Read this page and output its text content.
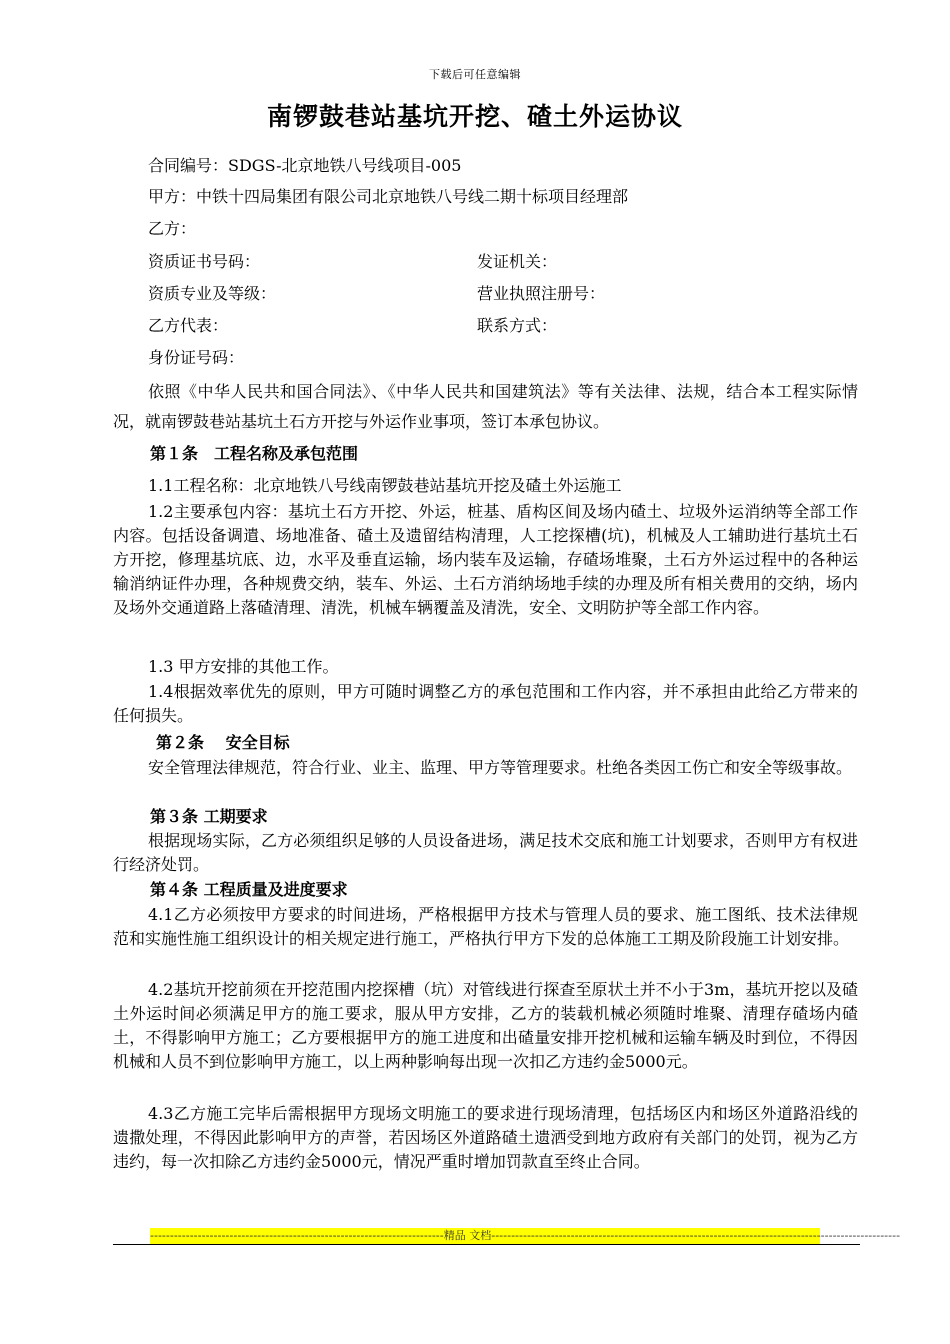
下载后可任意编辑
南锣鼓巷站基坑开挖、碴土外运协议
合同编号：SDGS-北京地铁八号线项目-005
甲方：中铁十四局集团有限公司北京地铁八号线二期十标项目经理部
乙方：
资质证书号码：	发证机关：
资质专业及等级：	营业执照注册号：
乙方代表：	联系方式：
身份证号码：
依照《中华人民共和国合同法》、《中华人民共和国建筑法》等有关法律、法规，结合本工程实际情况，就南锣鼓巷站基坑土石方开挖与外运作业事项，签订本承包协议。
第１条　工程名称及承包范围
1.1工程名称：北京地铁八号线南锣鼓巷站基坑开挖及碴土外运施工
1.2主要承包内容：基坑土石方开挖、外运，桩基、盾构区间及场内碴土、垃圾外运消纳等全部工作内容。包括设备调遣、场地准备、碴土及遗留结构清理，人工挖探槽(坑)，机械及人工辅助进行基坑土石方开挖，修理基坑底、边，水平及垂直运输，场内装车及运输，存碴场堆聚，土石方外运过程中的各种运输消纳证件办理，各种规费交纳，装车、外运、土石方消纳场地手续的办理及所有相关费用的交纳，场内及场外交通道路上落碴清理、清洗，机械车辆覆盖及清洗，安全、文明防护等全部工作内容。
1.3 甲方安排的其他工作。
1.4根据效率优先的原则，甲方可随时调整乙方的承包范围和工作内容，并不承担由此给乙方带来的任何损失。
第２条　 安全目标
安全管理法律规范，符合行业、业主、监理、甲方等管理要求。杜绝各类因工伤亡和安全等级事故。
第３条 工期要求
根据现场实际，乙方必须组织足够的人员设备进场，满足技术交底和施工计划要求，否则甲方有权进行经济处罚。
第４条 工程质量及进度要求
4.1乙方必须按甲方要求的时间进场，严格根据甲方技术与管理人员的要求、施工图纸、技术法律规范和实施性施工组织设计的相关规定进行施工，严格执行甲方下发的总体施工工期及阶段施工计划安排。
4.2基坑开挖前须在开挖范围内挖探槽（坑）对管线进行探查至原状土并不小于3m，基坑开挖以及碴土外运时间必须满足甲方的施工要求，服从甲方安排，乙方的装载机械必须随时堆聚、清理存碴场内碴土，不得影响甲方施工；乙方要根据甲方的施工进度和出碴量安排开挖机械和运输车辆及时到位，不得因机械和人员不到位影响甲方施工，以上两种影响每出现一次扣乙方违约金5000元。
4.3乙方施工完毕后需根据甲方现场文明施工的要求进行现场清理，包括场区内和场区外道路沿线的遗撒处理，不得因此影响甲方的声誉，若因场区外道路碴土遗洒受到地方政府有关部门的处罚，视为乙方违约，每一次扣除乙方违约金5000元，情况严重时增加罚款直至终止合同。
--------------------------------------------------------------------------精品 文档-------------------------------------------------------------------------------------------------------
